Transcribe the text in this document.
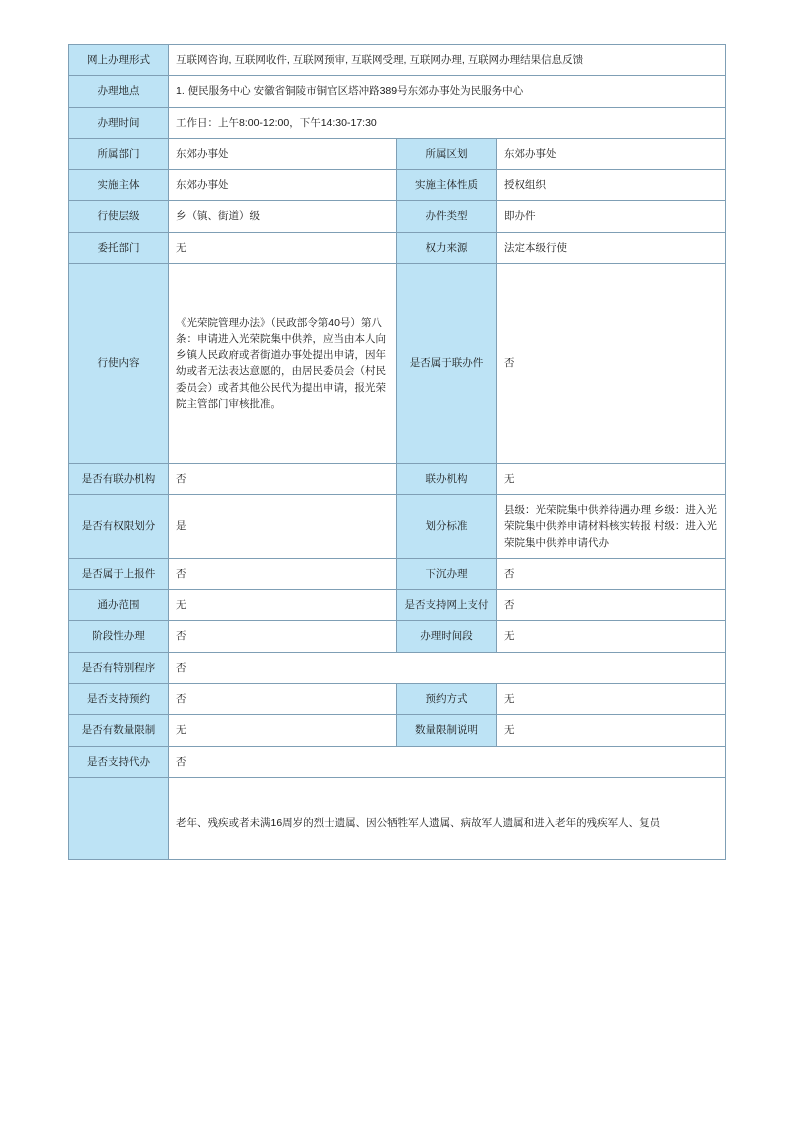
网上办理形式	互联网咨询, 互联网收件, 互联网预审, 互联网受理, 互联网办理, 互联网办理结果信息反馈		
办理地点	1. 便民服务中心 安徽省铜陵市铜官区塔冲路389号东郊办事处为民服务中心		
办理时间	工作日：上午8:00-12:00，下午14:30-17:30		
所属部门	东郊办事处	所属区划	东郊办事处
实施主体	东郊办事处	实施主体性质	授权组织
行使层级	乡（镇、街道）级	办件类型	即办件
委托部门	无	权力来源	法定本级行使
行使内容	《光荣院管理办法》（民政部令第40号）第八条：申请进入光荣院集中供养，应当由本人向乡镇人民政府或者街道办事处提出申请，因年幼或者无法表达意愿的，由居民委员会（村民委员会）或者其他公民代为提出申请，报光荣院主管部门审核批准。	是否属于联办件	否
是否有联办机构	否	联办机构	无
是否有权限划分	是	划分标准	县级：光荣院集中供养待遇办理 乡级：进入光荣院集中供养申请材料核实转报 村级：进入光荣院集中供养申请代办
是否属于上报件	否	下沉办理	否
通办范围	无	是否支持网上支付	否
阶段性办理	否	办理时间段	无
是否有特别程序	否		
是否支持预约	否	预约方式	无
是否有数量限制	无	数量限制说明	无
是否支持代办	否		
	老年、残疾或者未满16周岁的烈士遗属、因公牺牲军人遗属、病故军人遗属和进入老年的残疾军人、复员		
